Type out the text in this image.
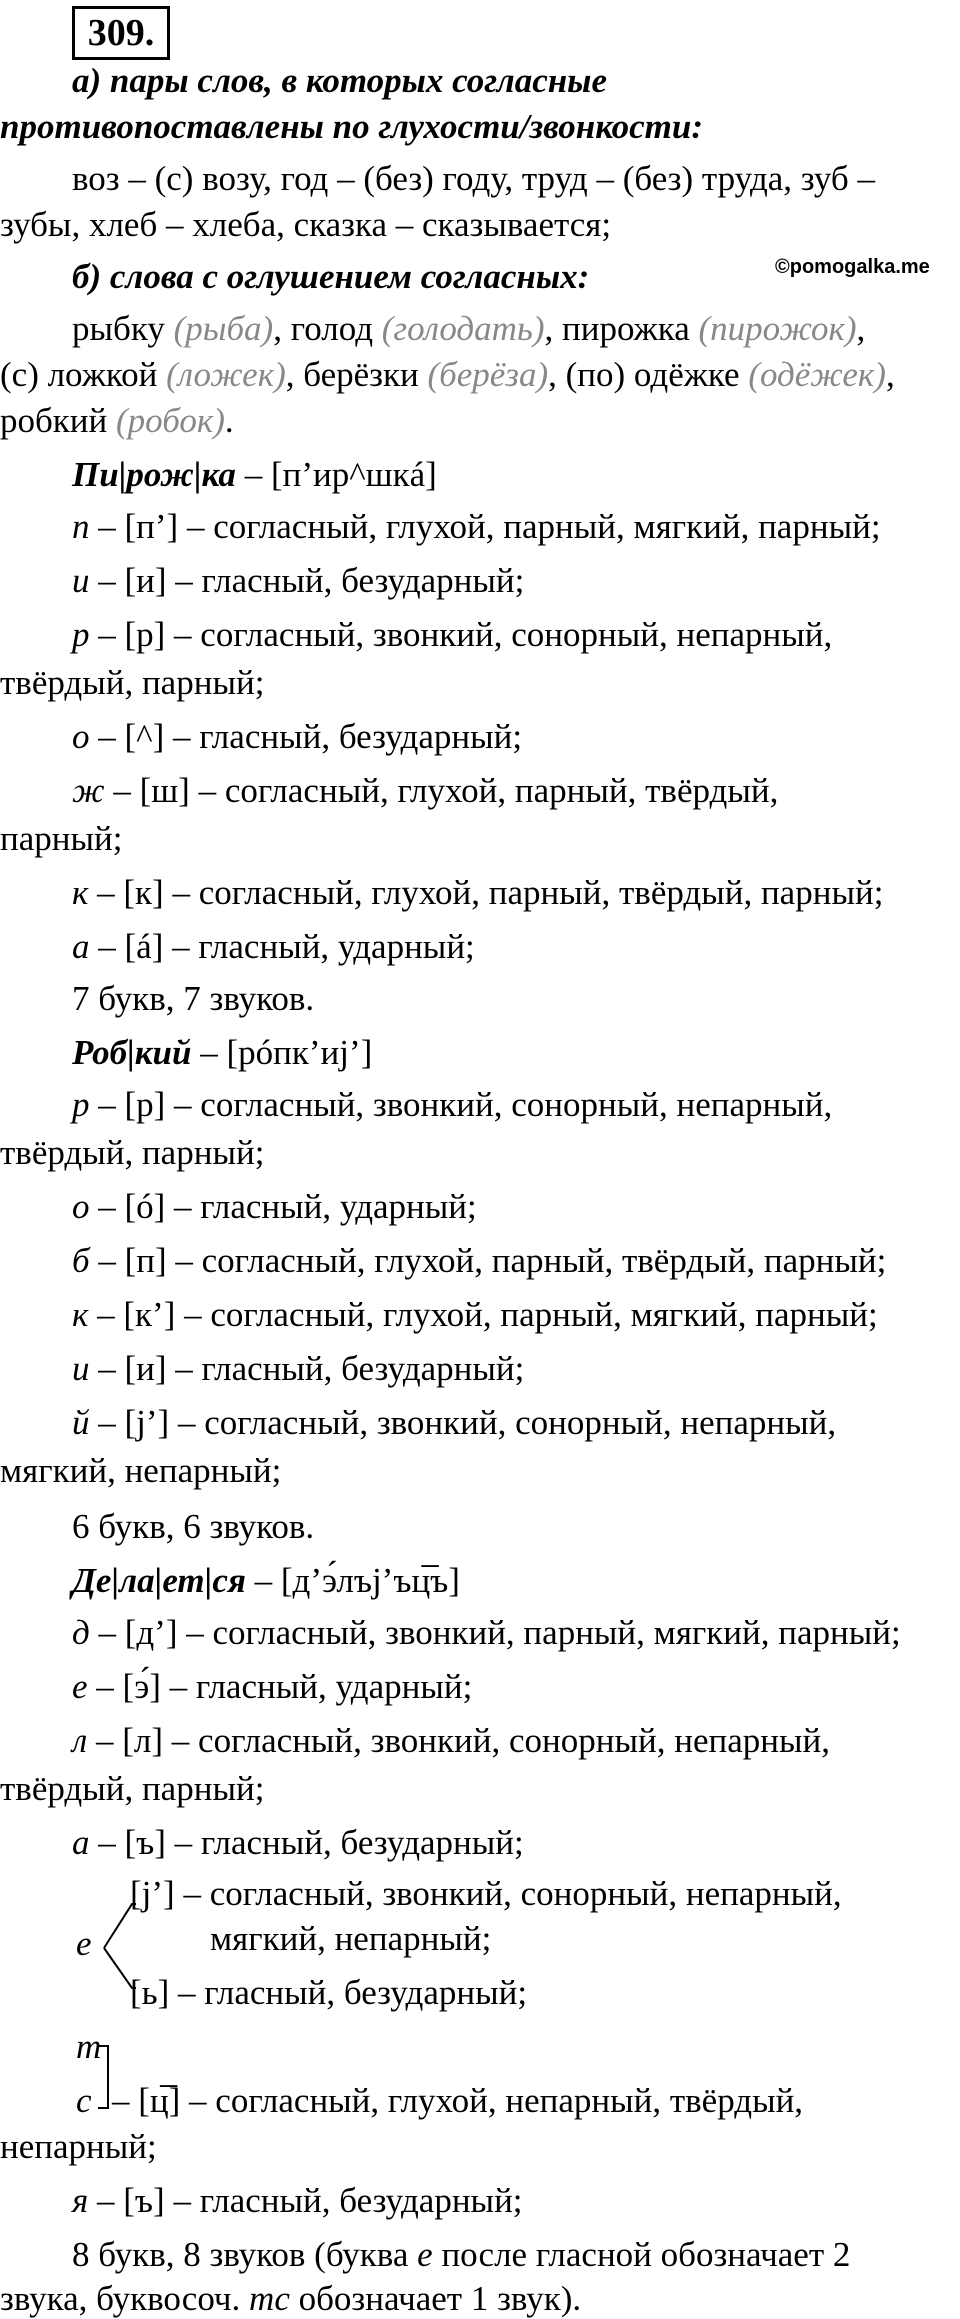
309.
а) пары слов, в которых согласные
противопоставлены по глухости/звонкости:
воз – (с) возу, год – (без) году, труд – (без) труда, зуб –
зубы, хлеб – хлеба, сказка – сказывается;
б) слова с оглушением согласных:	©pomogalka.me
рыбку (рыба), голод (голодать), пирожка (пирожок),
(с) ложкой (ложек), берёзки (берёза), (по) одёжке (одёжек),
робкий (робок).
Пи|рож|ка – [п’ир^шкá]
п – [п’] – согласный, глухой, парный, мягкий, парный;
и – [и] – гласный, безударный;
р – [р] – согласный, звонкий, сонорный, непарный,
твёрдый, парный;
о – [^] – гласный, безударный;
ж – [ш] – согласный, глухой, парный, твёрдый,
парный;
к – [к] – согласный, глухой, парный, твёрдый, парный;
а – [á] – гласный, ударный;
7 букв, 7 звуков.
Роб|кий – [рóпк’иj’]
р – [р] – согласный, звонкий, сонорный, непарный,
твёрдый, парный;
о – [ó] – гласный, ударный;
б – [п] – согласный, глухой, парный, твёрдый, парный;
к – [к’] – согласный, глухой, парный, мягкий, парный;
и – [и] – гласный, безударный;
й – [j’] – согласный, звонкий, сонорный, непарный,
мягкий, непарный;
6 букв, 6 звуков.
Де|ла|ет|ся – [д’э́лъj’ъц̅ъ]
д – [д’] – согласный, звонкий, парный, мягкий, парный;
е – [э́] – гласный, ударный;
л – [л] – согласный, звонкий, сонорный, непарный,
твёрдый, парный;
а – [ъ] – гласный, безударный;
е
[j’] – согласный, звонкий, сонорный, непарный,
мягкий, непарный;
[ь] – гласный, безударный;
т
с – [ц̅] – согласный, глухой, непарный, твёрдый,
непарный;
я – [ъ] – гласный, безударный;
8 букв, 8 звуков (буква е после гласной обозначает 2
звука, буквосоч. тс обозначает 1 звук).
